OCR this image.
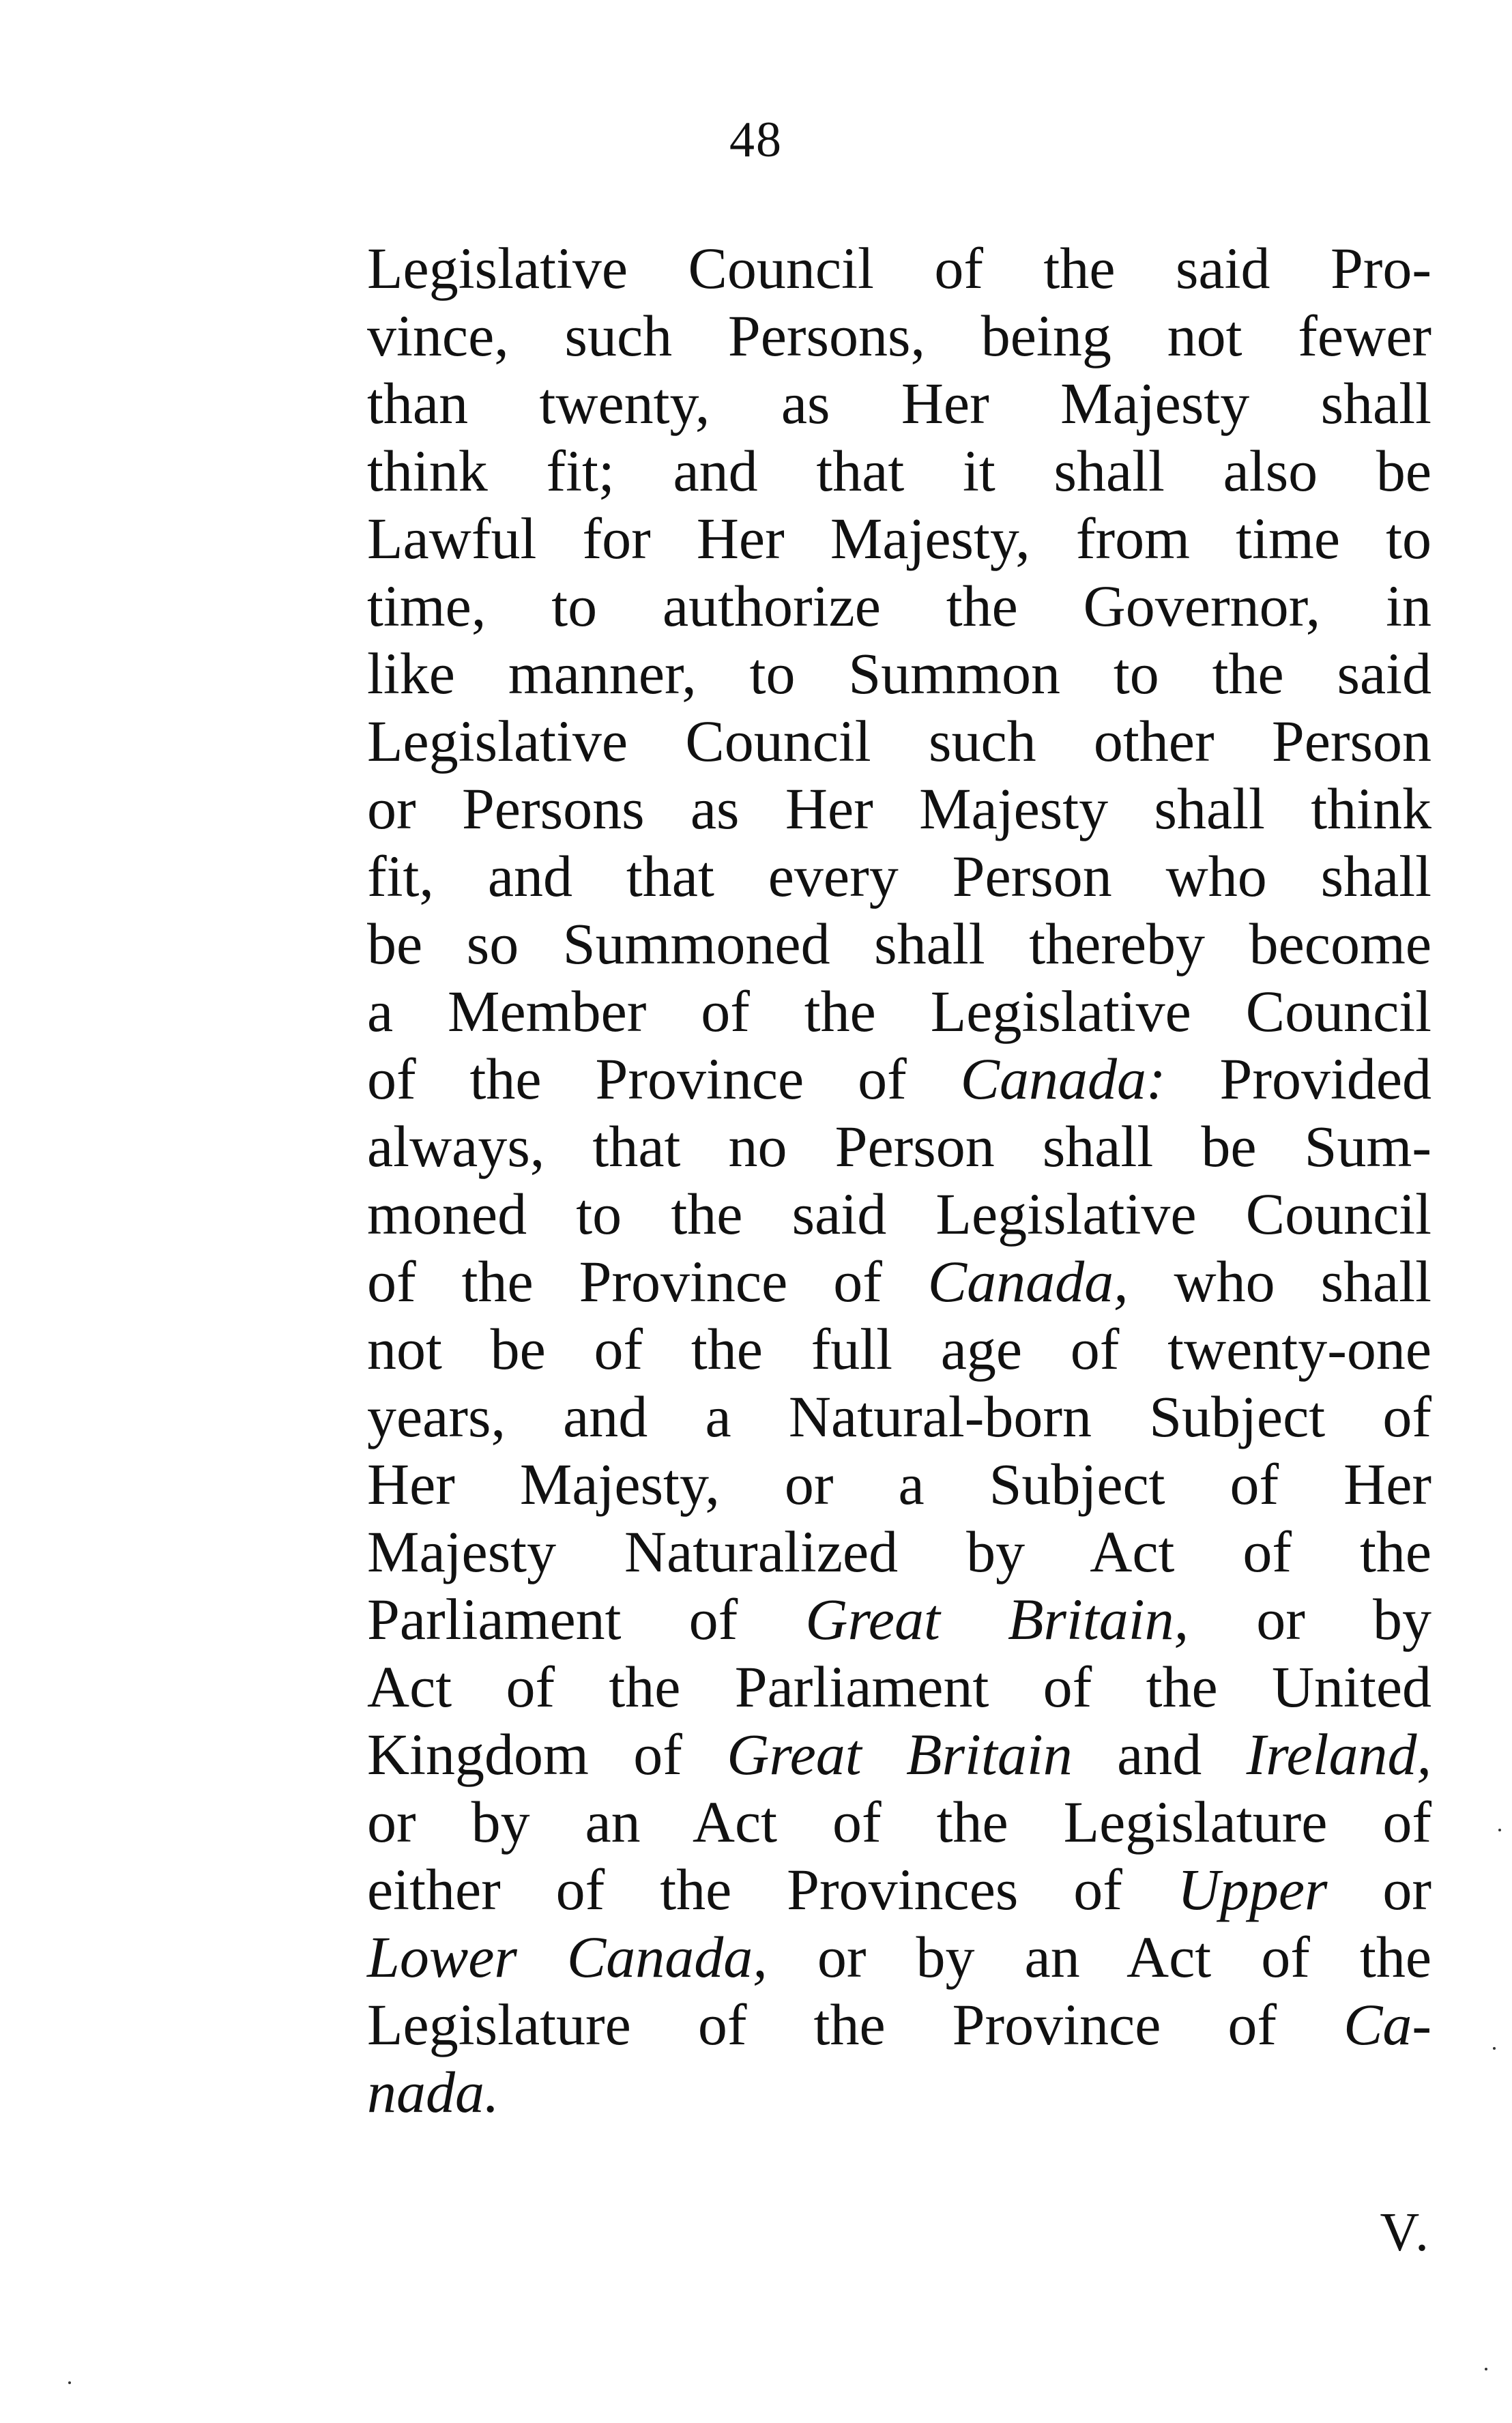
48
Legislative Council of the said Pro-
vince, such Persons, being not fewer
than twenty, as Her Majesty shall
think fit; and that it shall also be
Lawful for Her Majesty, from time to
time, to authorize the Governor, in
like manner, to Summon to the said
Legislative Council such other Person
or Persons as Her Majesty shall think
fit, and that every Person who shall
be so Summoned shall thereby become
a Member of the Legislative Council
of the Province of Canada: Provided
always, that no Person shall be Sum-
moned to the said Legislative Council
of the Province of Canada, who shall
not be of the full age of twenty-one
years, and a Natural-born Subject of
Her Majesty, or a Subject of Her
Majesty Naturalized by Act of the
Parliament of Great Britain, or by
Act of the Parliament of the United
Kingdom of Great Britain and Ireland,
or by an Act of the Legislature of
either of the Provinces of Upper or
Lower Canada, or by an Act of the
Legislature of the Province of Ca-
nada.
V.
